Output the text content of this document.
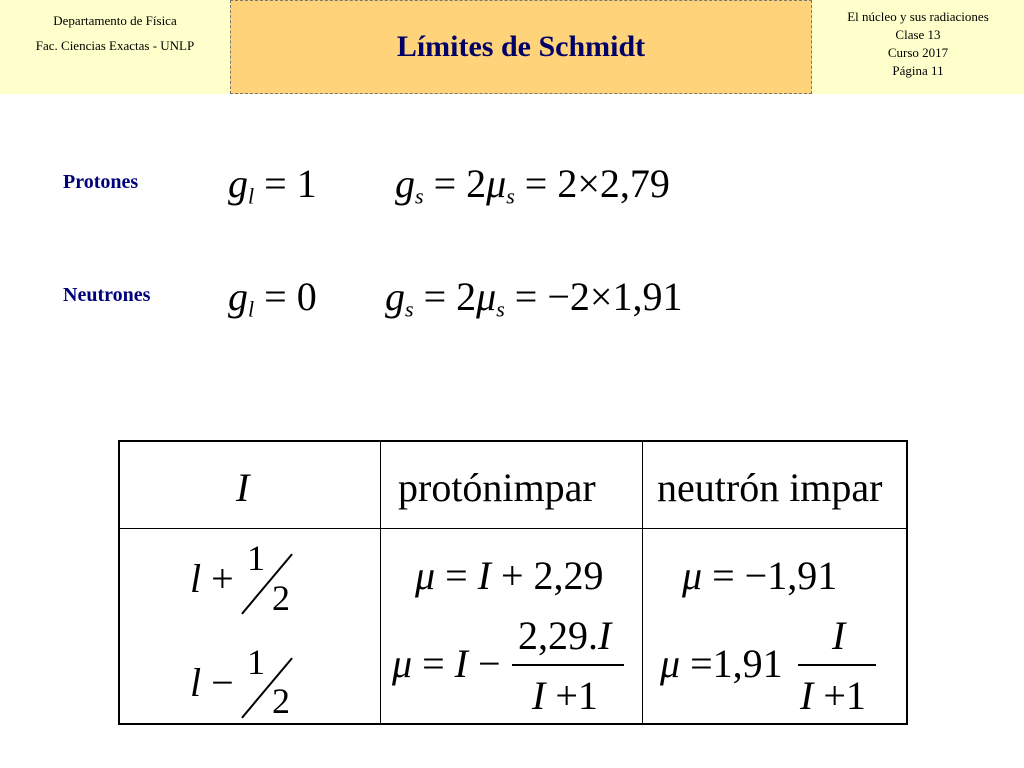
Departamento de Física
Fac. Ciencias Exactas - UNLP	Límites de Schmidt
El núcleo y sus radiaciones
Clase 13
Curso 2017
Página 11
Protones
Neutrones
$g_l = 1$ $g_s = 2\mu_s = 2\times 2,79$
$g_l = 0$ $g_s = 2\mu_s = -2\times 1,91$
I	protónimpar neutrón impar
l + 1
2
l − 1
2
μ = I + 2,29 μ = −1,91
μ = I −
2,29.I
I +1
μ =1,91
I
I +1
